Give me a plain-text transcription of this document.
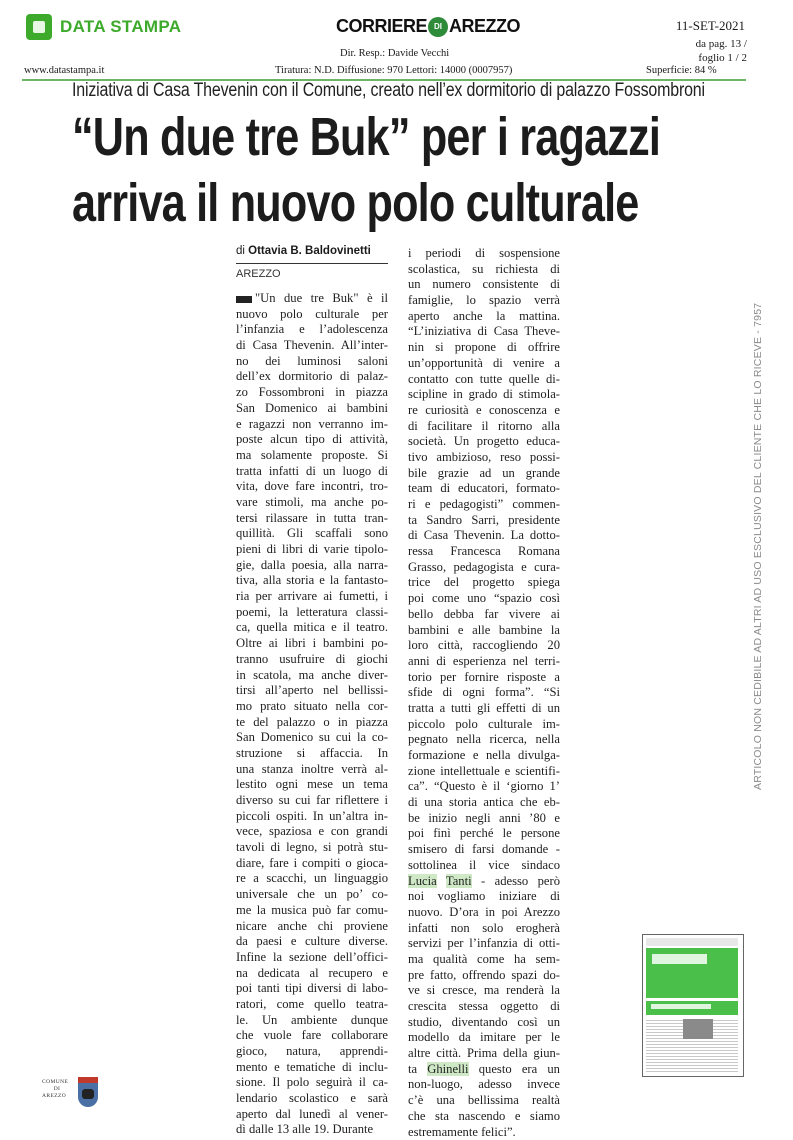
DATA STAMPA	CORRIERE DI AREZZO	11-SET-2021
da pag. 13 /
foglio 1 / 2
Dir. Resp.: Davide Vecchi
www.datastampa.it	Tiratura: N.D. Diffusione: 970 Lettori: 14000 (0007957)	Superficie: 84 %
Iniziativa di Casa Thevenin con il Comune, creato nell’ex dormitorio di palazzo Fossombroni
“Un due tre Buk” per i ragazzi
arriva il nuovo polo culturale
di Ottavia B. Baldovinetti
AREZZO
"Un due tre Buk" è il
nuovo polo culturale per
l’infanzia e l’adolescenza
di Casa Thevenin. All’inter-
no dei luminosi saloni
dell’ex dormitorio di palaz-
zo Fossombroni in piazza
San Domenico ai bambini
e ragazzi non verranno im-
poste alcun tipo di attività,
ma solamente proposte. Si
tratta infatti di un luogo di
vita, dove fare incontri, tro-
vare stimoli, ma anche po-
tersi rilassare in tutta tran-
quillità. Gli scaffali sono
pieni di libri di varie tipolo-
gie, dalla poesia, alla narra-
tiva, alla storia e la fantasto-
ria per arrivare ai fumetti, i
poemi, la letteratura classi-
ca, quella mitica e il teatro.
Oltre ai libri i bambini po-
tranno usufruire di giochi
in scatola, ma anche diver-
tirsi all’aperto nel bellissi-
mo prato situato nella cor-
te del palazzo o in piazza
San Domenico su cui la co-
struzione si affaccia. In
una stanza inoltre verrà al-
lestito ogni mese un tema
diverso su cui far riflettere i
piccoli ospiti. In un’altra in-
vece, spaziosa e con grandi
tavoli di legno, si potrà stu-
diare, fare i compiti o gioca-
re a scacchi, un linguaggio
universale che un po’ co-
me la musica può far comu-
nicare anche chi proviene
da paesi e culture diverse.
Infine la sezione dell’offici-
na dedicata al recupero e
poi tanti tipi diversi di labo-
ratori, come quello teatra-
le. Un ambiente dunque
che vuole fare collaborare
gioco, natura, apprendi-
mento e tematiche di inclu-
sione. Il polo seguirà il ca-
lendario scolastico e sarà
aperto dal lunedì al vener-
dì dalle 13 alle 19. Durante
i periodi di sospensione
scolastica, su richiesta di
un numero consistente di
famiglie, lo spazio verrà
aperto anche la mattina.
“L’iniziativa di Casa Theve-
nin si propone di offrire
un’opportunità di venire a
contatto con tutte quelle di-
scipline in grado di stimola-
re curiosità e conoscenza e
di facilitare il ritorno alla
società. Un progetto educa-
tivo ambizioso, reso possi-
bile grazie ad un grande
team di educatori, formato-
ri e pedagogisti” commen-
ta Sandro Sarri, presidente
di Casa Thevenin. La dotto-
ressa Francesca Romana
Grasso, pedagogista e cura-
trice del progetto spiega
poi come uno “spazio così
bello debba far vivere ai
bambini e alle bambine la
loro città, raccogliendo 20
anni di esperienza nel terri-
torio per fornire risposte a
sfide di ogni forma”. “Si
tratta a tutti gli effetti di un
piccolo polo culturale im-
pegnato nella ricerca, nella
formazione e nella divulga-
zione intellettuale e scientifi-
ca”. “Questo è il ‘giorno 1’
di una storia antica che eb-
be inizio negli anni ’80 e
poi finì perché le persone
smisero di farsi domande -
sottolinea il vice sindaco
Lucia Tanti - adesso però
noi vogliamo iniziare di
nuovo. D’ora in poi Arezzo
infatti non solo erogherà
servizi per l’infanzia di otti-
ma qualità come ha sem-
pre fatto, offrendo spazi do-
ve si cresce, ma renderà la
crescita stessa oggetto di
studio, diventando così un
modello da imitare per le
altre città. Prima della giun-
ta Ghinelli questo era un
non-luogo, adesso invece
c’è una bellissima realtà
che sta nascendo e siamo
estremamente felici”.
ARTICOLO NON CEDIBILE AD ALTRI AD USO ESCLUSIVO DEL CLIENTE CHE LO RICEVE - 7957
COMUNE
DI
AREZZO
